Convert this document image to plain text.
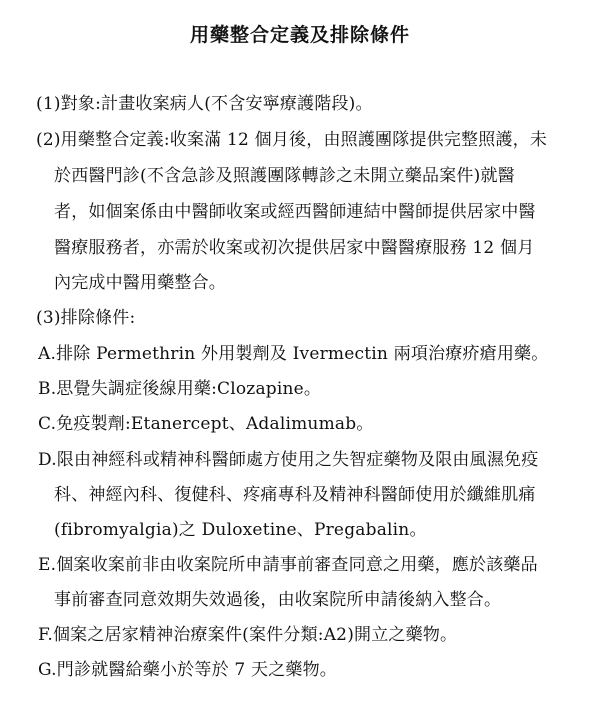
用藥整合定義及排除條件
(1)對象:計畫收案病人(不含安寧療護階段)。
(2)用藥整合定義:收案滿 12 個月後，由照護團隊提供完整照護，未
於西醫門診(不含急診及照護團隊轉診之未開立藥品案件)就醫
者，如個案係由中醫師收案或經西醫師連結中醫師提供居家中醫
醫療服務者，亦需於收案或初次提供居家中醫醫療服務 12 個月
內完成中醫用藥整合。
(3)排除條件:
A.排除 Permethrin 外用製劑及 Ivermectin 兩項治療疥瘡用藥。
B.思覺失調症後線用藥:Clozapine。
C.免疫製劑:Etanercept、Adalimumab。
D.限由神經科或精神科醫師處方使用之失智症藥物及限由風濕免疫
科、神經內科、復健科、疼痛專科及精神科醫師使用於纖維肌痛
(fibromyalgia)之 Duloxetine、Pregabalin。
E.個案收案前非由收案院所申請事前審查同意之用藥，應於該藥品
事前審查同意效期失效過後，由收案院所申請後納入整合。
F.個案之居家精神治療案件(案件分類:A2)開立之藥物。
G.門診就醫給藥小於等於 7 天之藥物。
